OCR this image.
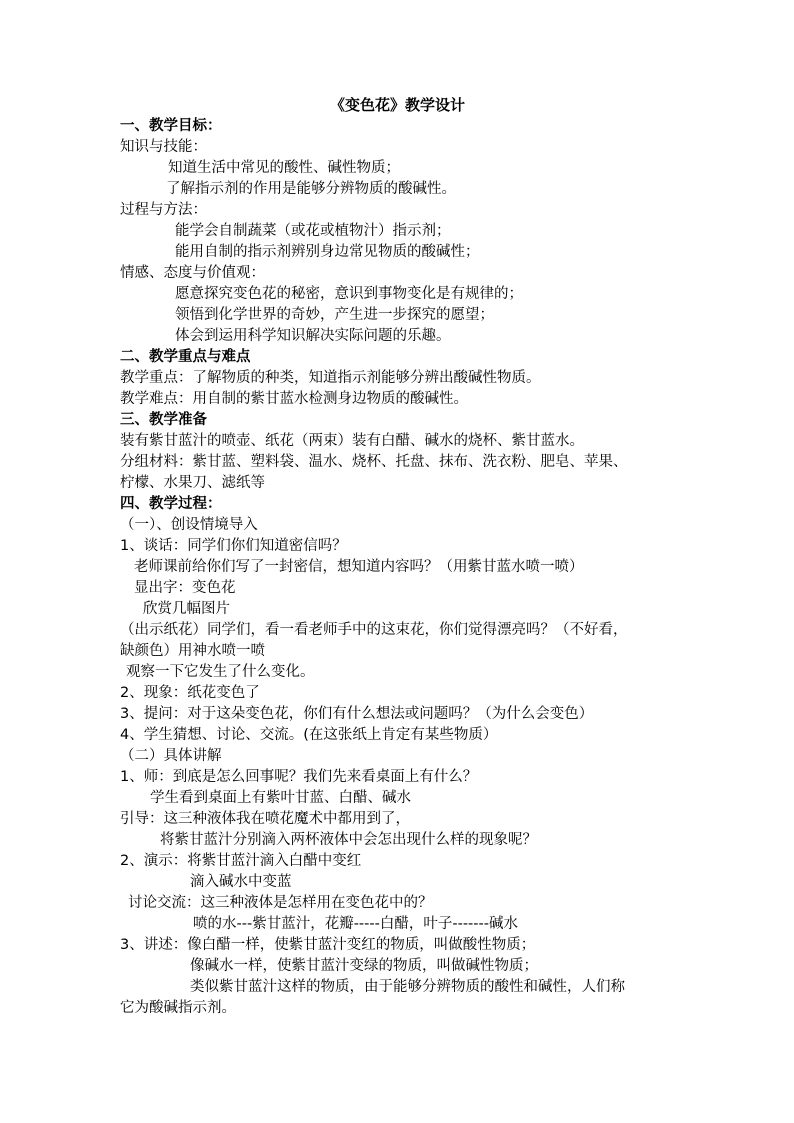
《变色花》教学设计
一、教学目标：
知识与技能：
知道生活中常见的酸性、碱性物质；
了解指示剂的作用是能够分辨物质的酸碱性。
过程与方法：
能学会自制蔬菜（或花或植物汁）指示剂；
能用自制的指示剂辨别身边常见物质的酸碱性；
情感、态度与价值观：
愿意探究变色花的秘密，意识到事物变化是有规律的；
领悟到化学世界的奇妙，产生进一步探究的愿望；
体会到运用科学知识解决实际问题的乐趣。
二、教学重点与难点
教学重点：了解物质的种类，知道指示剂能够分辨出酸碱性物质。
教学难点：用自制的紫甘蓝水检测身边物质的酸碱性。
三、教学准备
装有紫甘蓝汁的喷壶、纸花（两束）装有白醋、碱水的烧杯、紫甘蓝水。
分组材料：紫甘蓝、塑料袋、温水、烧杯、托盘、抹布、洗衣粉、肥皂、苹果、
柠檬、水果刀、滤纸等
四、教学过程：
（一）、创设情境导入
1、谈话：同学们你们知道密信吗？
老师课前给你们写了一封密信，想知道内容吗？（用紫甘蓝水喷一喷）
显出字：变色花
欣赏几幅图片
（出示纸花）同学们，看一看老师手中的这束花，你们觉得漂亮吗？（不好看，
缺颜色）用神水喷一喷
观察一下它发生了什么变化。
2、现象：纸花变色了
3、提问：对于这朵变色花，你们有什么想法或问题吗？（为什么会变色）
4、学生猜想、讨论、交流。(在这张纸上肯定有某些物质）
（二）具体讲解
1、师：到底是怎么回事呢？我们先来看桌面上有什么？
学生看到桌面上有紫叶甘蓝、白醋、碱水
引导：这三种液体我在喷花魔术中都用到了，
将紫甘蓝汁分别滴入两杯液体中会怎出现什么样的现象呢？
2、演示：将紫甘蓝汁滴入白醋中变红
滴入碱水中变蓝
讨论交流：这三种液体是怎样用在变色花中的？
喷的水---紫甘蓝汁，花瓣-----白醋，叶子-------碱水
3、讲述：像白醋一样，使紫甘蓝汁变红的物质，叫做酸性物质；
像碱水一样，使紫甘蓝汁变绿的物质，叫做碱性物质；
类似紫甘蓝汁这样的物质，由于能够分辨物质的酸性和碱性，人们称
它为酸碱指示剂。
